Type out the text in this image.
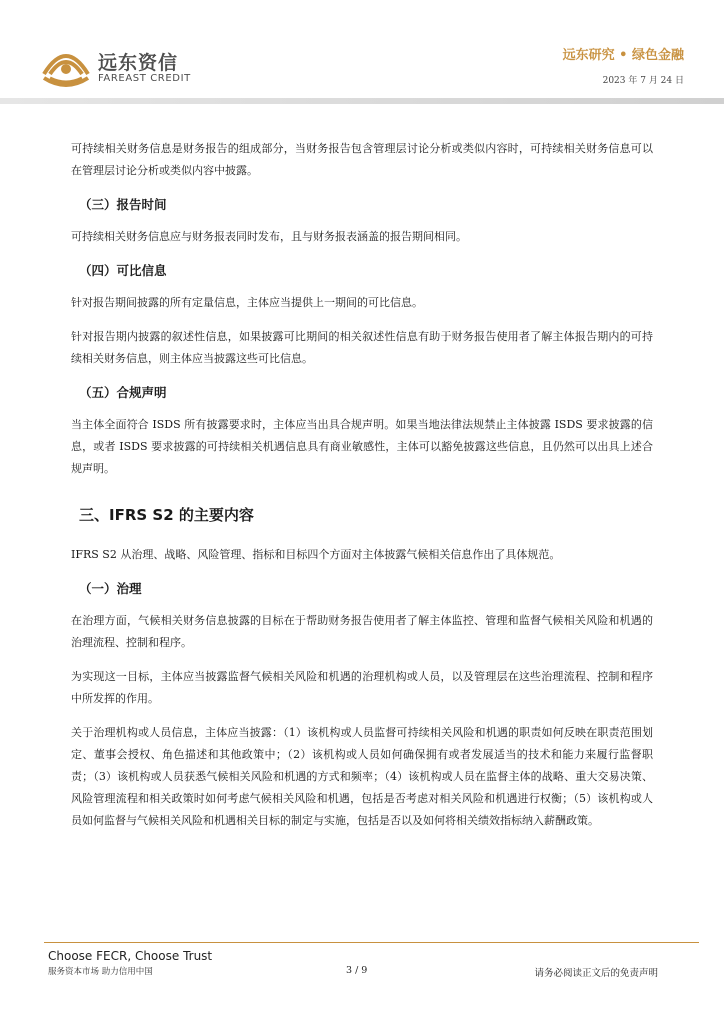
远东资信
FAREAST CREDIT
远东研究 • 绿色金融
2023 年 7 月 24 日

可持续相关财务信息是财务报告的组成部分，当财务报告包含管理层讨论分析或类似内容时，可持续相关财务信息可以在管理层讨论分析或类似内容中披露。

（三）报告时间

可持续相关财务信息应与财务报表同时发布，且与财务报表涵盖的报告期间相同。

（四）可比信息

针对报告期间披露的所有定量信息，主体应当提供上一期间的可比信息。

针对报告期内披露的叙述性信息，如果披露可比期间的相关叙述性信息有助于财务报告使用者了解主体报告期内的可持续相关财务信息，则主体应当披露这些可比信息。

（五）合规声明

当主体全面符合 ISDS 所有披露要求时，主体应当出具合规声明。如果当地法律法规禁止主体披露 ISDS 要求披露的信息，或者 ISDS 要求披露的可持续相关机遇信息具有商业敏感性，主体可以豁免披露这些信息，且仍然可以出具上述合规声明。

三、IFRS S2 的主要内容

IFRS S2 从治理、战略、风险管理、指标和目标四个方面对主体披露气候相关信息作出了具体规范。

（一）治理

在治理方面，气候相关财务信息披露的目标在于帮助财务报告使用者了解主体监控、管理和监督气候相关风险和机遇的治理流程、控制和程序。

为实现这一目标，主体应当披露监督气候相关风险和机遇的治理机构或人员，以及管理层在这些治理流程、控制和程序中所发挥的作用。

关于治理机构或人员信息，主体应当披露：（1）该机构或人员监督可持续相关风险和机遇的职责如何反映在职责范围划定、董事会授权、角色描述和其他政策中；（2）该机构或人员如何确保拥有或者发展适当的技术和能力来履行监督职责；（3）该机构或人员获悉气候相关风险和机遇的方式和频率；（4）该机构或人员在监督主体的战略、重大交易决策、风险管理流程和相关政策时如何考虑气候相关风险和机遇，包括是否考虑对相关风险和机遇进行权衡；（5）该机构或人员如何监督与气候相关风险和机遇相关目标的制定与实施，包括是否以及如何将相关绩效指标纳入薪酬政策。

Choose FECR, Choose Trust
服务资本市场 助力信用中国	3 / 9	请务必阅读正文后的免责声明
